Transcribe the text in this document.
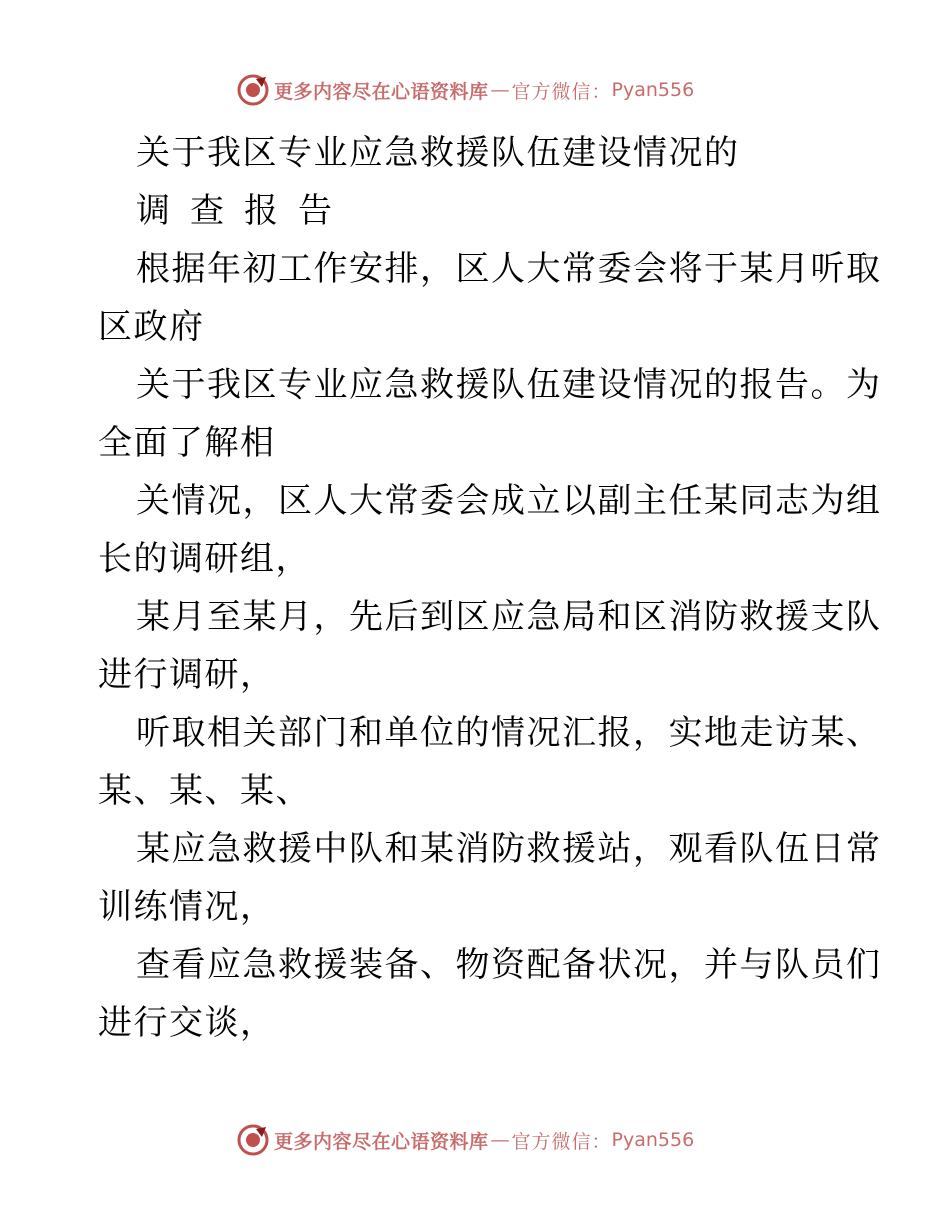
更多内容尽在心语资料库 — 官方微信： Pyan556
关于我区专业应急救援队伍建设情况的
调查报告
根据年初工作安排，区人大常委会将于某月听取
区政府
关于我区专业应急救援队伍建设情况的报告。为
全面了解相
关情况，区人大常委会成立以副主任某同志为组
长的调研组，
某月至某月，先后到区应急局和区消防救援支队
进行调研，
听取相关部门和单位的情况汇报，实地走访某、
某、某、某、
某应急救援中队和某消防救援站，观看队伍日常
训练情况，
查看应急救援装备、物资配备状况，并与队员们
进行交谈，
更多内容尽在心语资料库 — 官方微信： Pyan556
